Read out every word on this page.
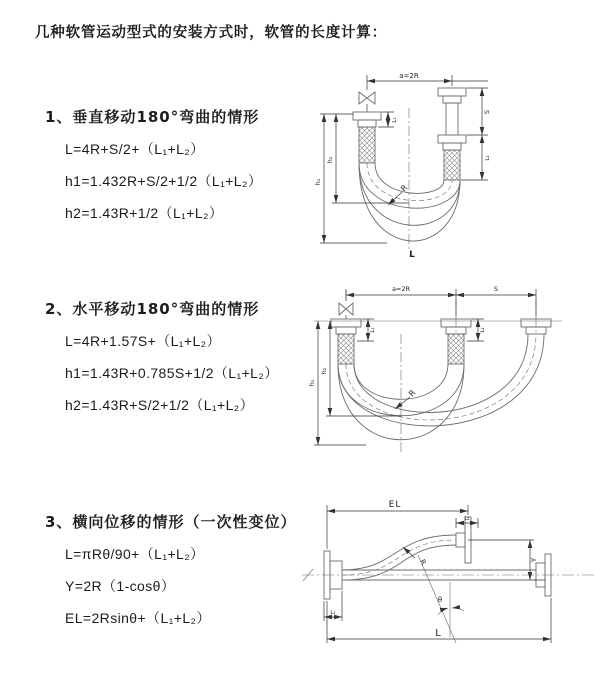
几种软管运动型式的安装方式时，软管的长度计算：
1、垂直移动180°弯曲的情形
L=4R+S/2+（L₁+L₂）
h1=1.432R+S/2+1/2（L₁+L₂）
h2=1.43R+1/2（L₁+L₂）
2、水平移动180°弯曲的情形
L=4R+1.57S+（L₁+L₂）
h1=1.43R+0.785S+1/2（L₁+L₂）
h2=1.43R+S/2+1/2（L₁+L₂）
3、横向位移的情形（一次性变位）
L=πRθ/90+（L₁+L₂）
Y=2R（1-cosθ）
EL=2Rsinθ+（L₁+L₂）
a=2R
h₁
h₂
L₁
S
L₂
R
L
a=2R	S
h₁
h₂
L₁	L₂
R
EL
L₂
Y
L
L₁
R
θ
